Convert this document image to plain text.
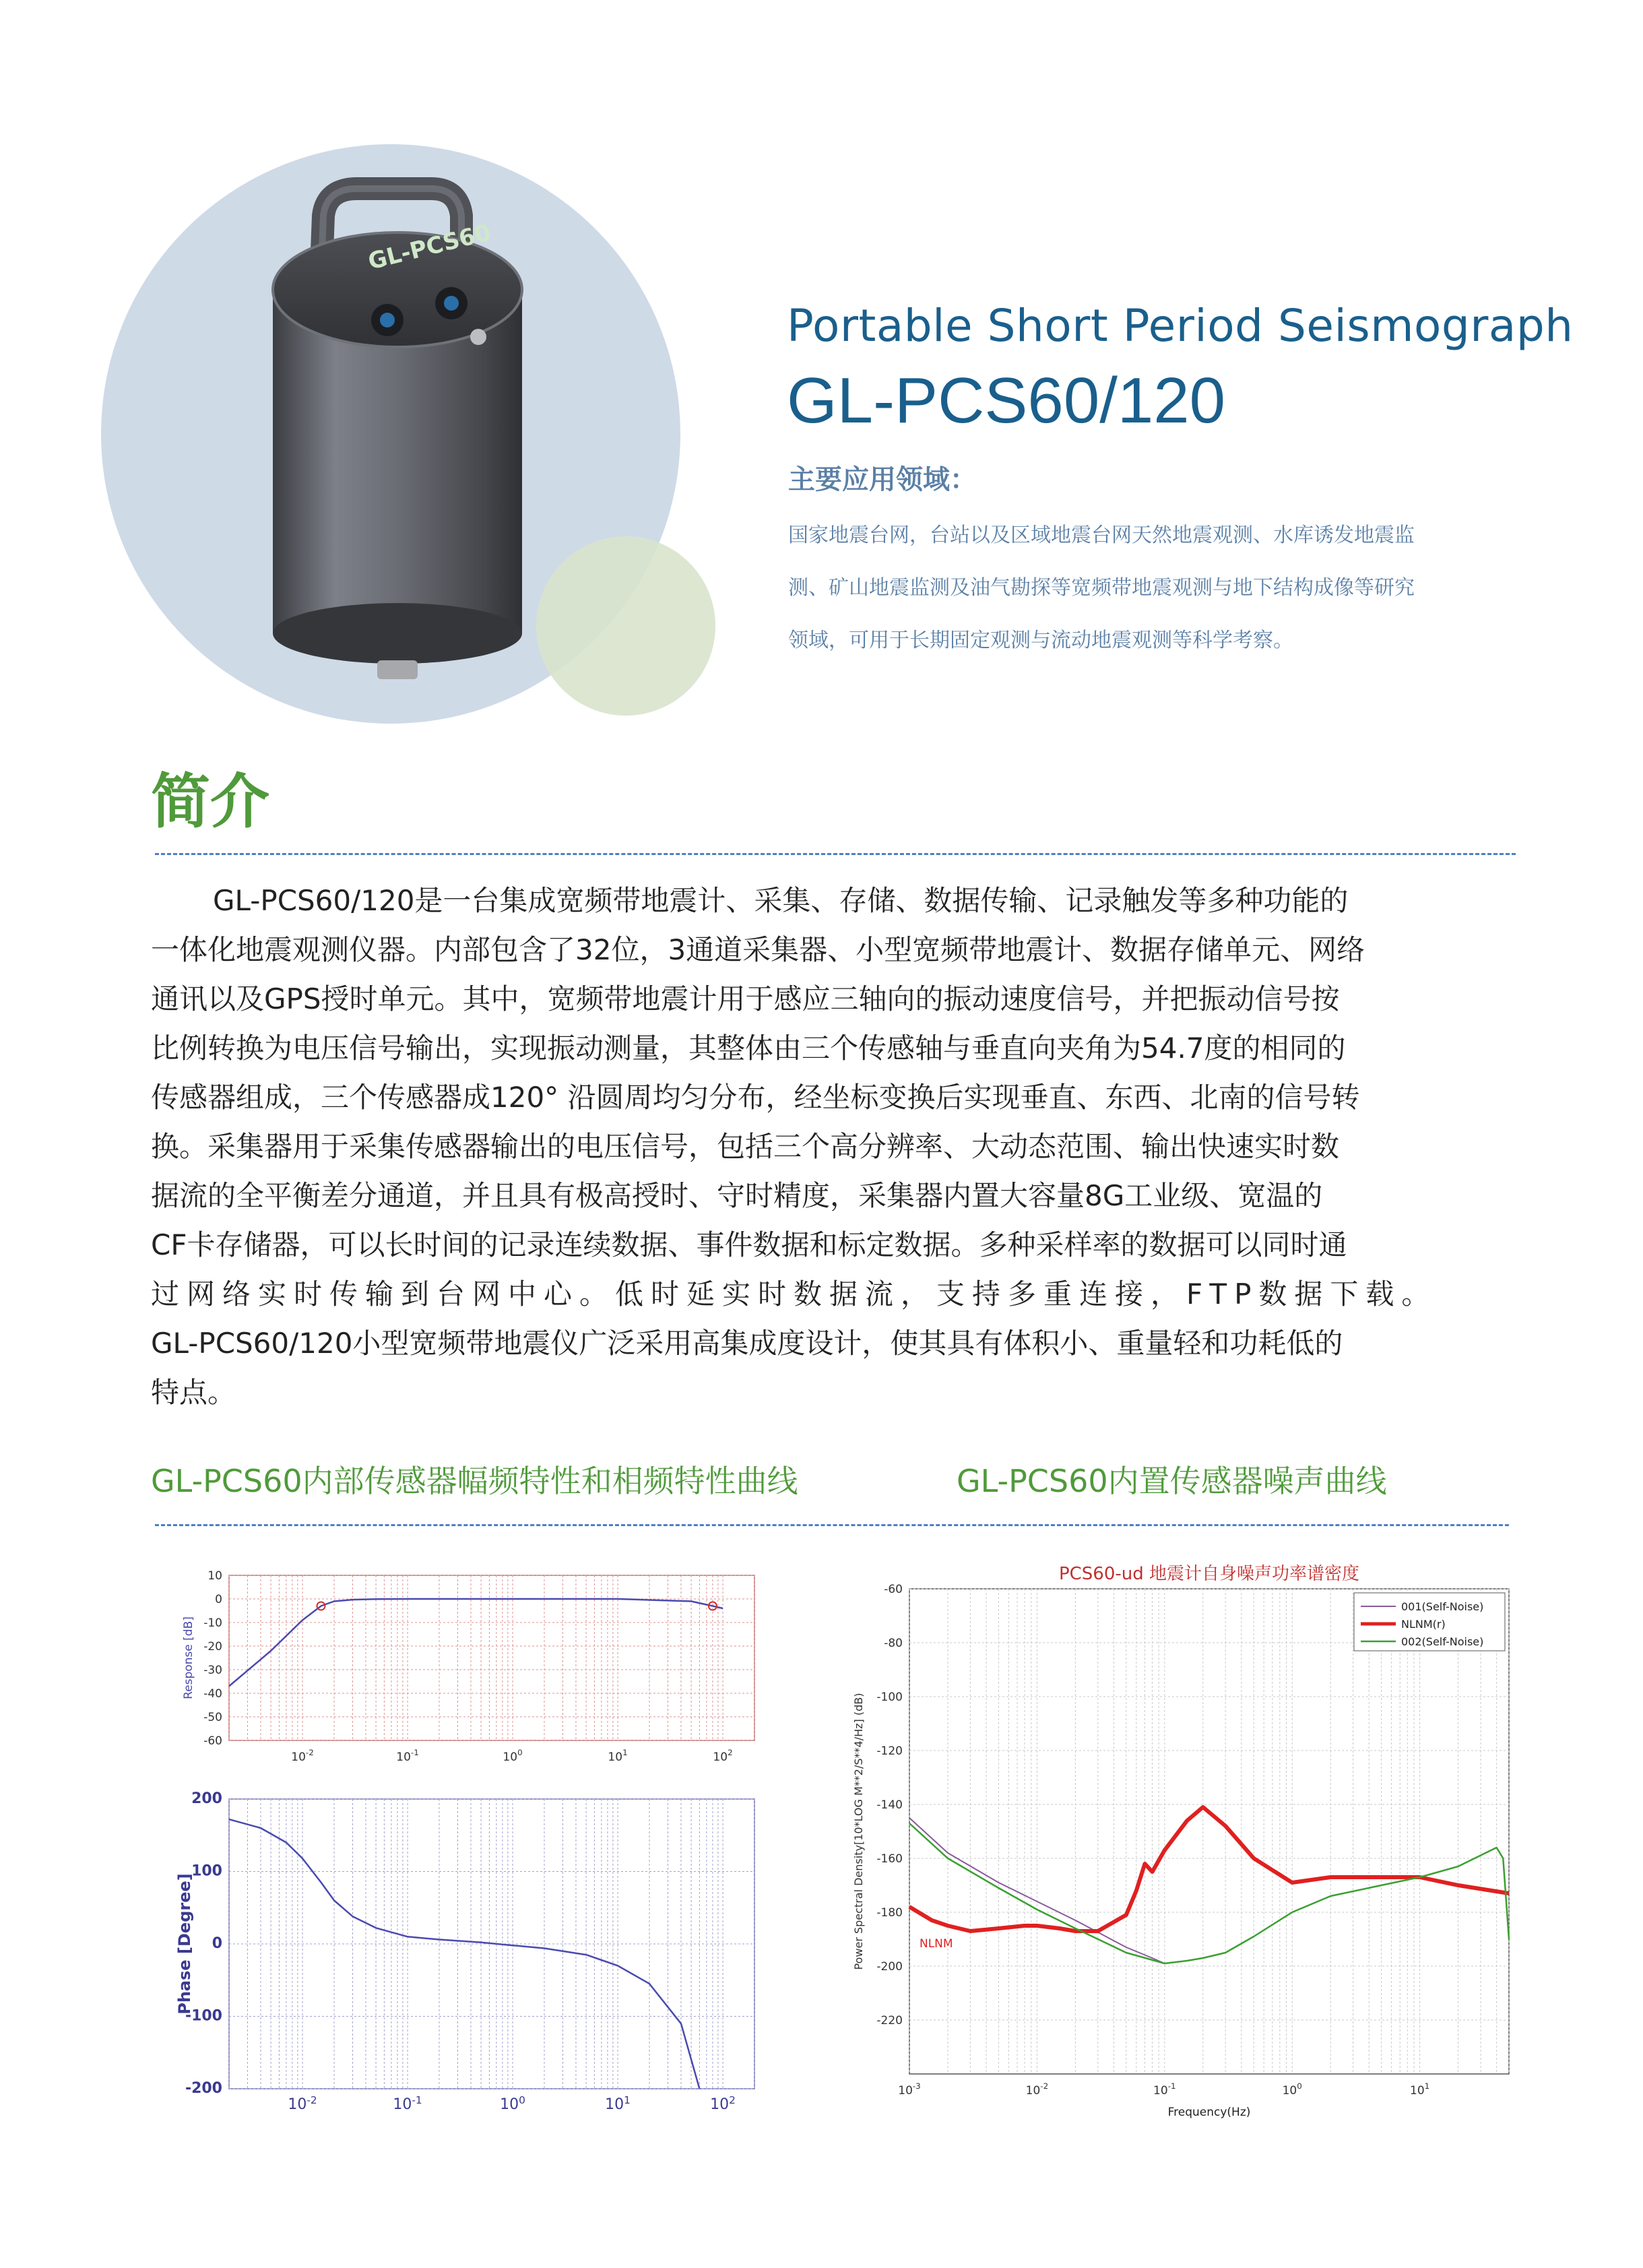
GL-PCS60
Portable Short Period Seismograph
GL-PCS60/120
主要应用领域：
国家地震台网，台站以及区域地震台网天然地震观测、水库诱发地震监
测、矿山地震监测及油气勘探等宽频带地震观测与地下结构成像等研究
领域，可用于长期固定观测与流动地震观测等科学考察。
简介
GL-PCS60/120是一台集成宽频带地震计、采集、存储、数据传输、记录触发等多种功能的
一体化地震观测仪器。内部包含了32位，3通道采集器、小型宽频带地震计、数据存储单元、网络
通讯以及GPS授时单元。其中，宽频带地震计用于感应三轴向的振动速度信号，并把振动信号按
比例转换为电压信号输出，实现振动测量，其整体由三个传感轴与垂直向夹角为54.7度的相同的
传感器组成，三个传感器成120° 沿圆周均匀分布，经坐标变换后实现垂直、东西、北南的信号转
换。采集器用于采集传感器输出的电压信号，包括三个高分辨率、大动态范围、输出快速实时数
据流的全平衡差分通道，并且具有极高授时、守时精度，采集器内置大容量8G工业级、宽温的
CF卡存储器，可以长时间的记录连续数据、事件数据和标定数据。多种采样率的数据可以同时通
过网络实时传输到台网中心。低时延实时数据流，支持多重连接，FTP数据下载。
GL-PCS60/120小型宽频带地震仪广泛采用高集成度设计，使其具有体积小、重量轻和功耗低的
特点。
GL-PCS60内部传感器幅频特性和相频特性曲线	GL-PCS60内置传感器噪声曲线
10
0
-10
-20
-30
-40
-50
-60
$10^{-2}$	$10^{-1}$	$10^0$	$10^1$	$10^2$
Response [dB]
200
100
0
-100
-200
$10^{-2}$	$10^{-1}$	$10^0$	$10^1$	$10^2$
Phase [Degree]
-60
-80
-100
-120
-140
-160
-180
-200
-220
$10^{-3}$	$10^{-2}$	$10^{-1}$	$10^0$	$10^1$
Power Spectral Density[10*LOG M**2/S**4/Hz] (dB)
Frequency(Hz)
PCS60-ud 地震计自身噪声功率谱密度
001(Self-Noise)
NLNM(r)
002(Self-Noise)
NLNM
